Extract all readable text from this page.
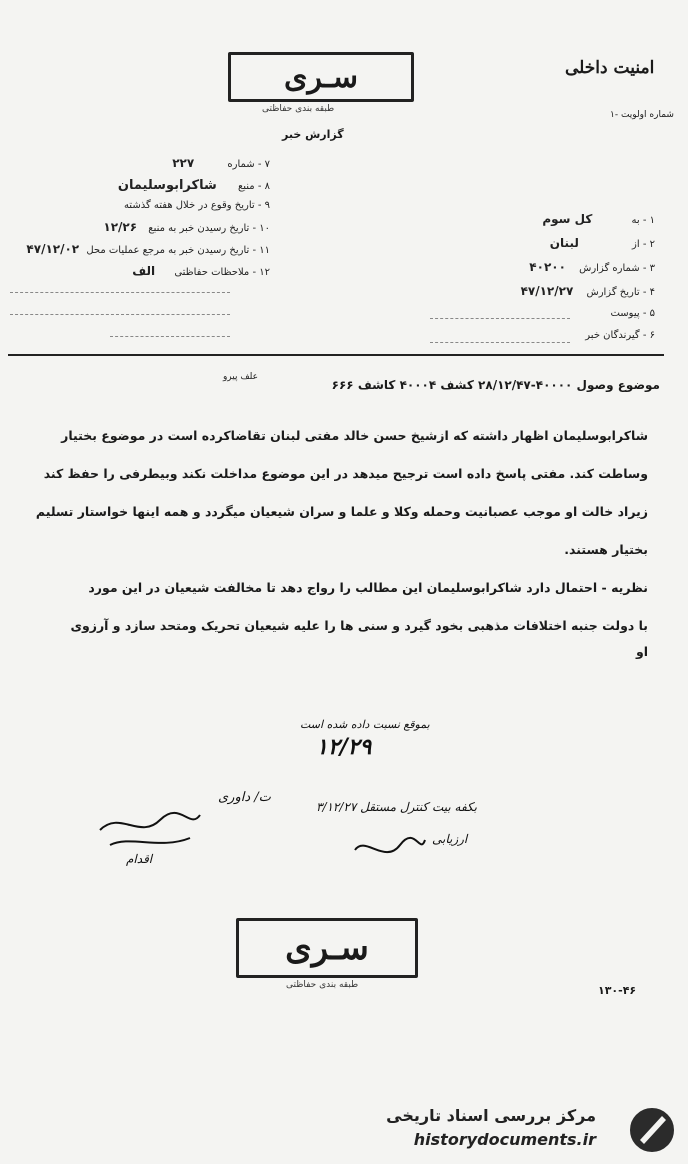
سـری
طبقه بندی حفاظتی
گزارش خبر
امنیت داخلی
۱- شماره اولویت
۱ - به کل سوم
۲ - از لبنان
۳ - شماره گزارش ۴۰۲۰۰
۴ - تاریخ گزارش ۴۷/۱۲/۲۷
۵ - پیوست
۶ - گیرندگان خبر
۷ - شماره ۲۲۷
۸ - منبع شاکرابوسلیمان
۹ - تاریخ وقوع در خلال هفته گذشته
۱۰ - تاریخ رسیدن خبر به منبع ۱۲/۲۶
۱۱ - تاریخ رسیدن خبر به مرجع عملیات محل ۴۷/۱۲/۰۲
۱۲ - ملاحظات حفاظتی الف
موضوع وصول ۴۰۰۰۰-۲۸/۱۲/۴۷ کشف ۴۰۰۰۴ کاشف ۶۶۶
علف پیرو
شاکرابوسلیمان اظهار داشته که ازشیخ حسن خالد مفتی لبنان تقاضاکرده است در موضوع بختیار
وساطت کند. مفتی پاسخ داده است ترجیح میدهد در این موضوع مداخلت نکند وبیطرفی را حفظ کند
زیراد خالت او موجب عصبانیت وحمله وکلا و علما و سران شیعیان میگردد و همه اینها خواستار تسلیم
بختیار هستند.
نظریه - احتمال دارد شاکرابوسلیمان این مطالب را رواج دهد تا مخالفت شیعیان در این مورد
با دولت جنبه اختلافات مذهبی بخود گیرد و سنی ها را علیه شیعیان تحریک ومتحد سازد و آرزوی
او
بموقع نسبت داده شده است
۱۲/۲۹
بکفه بیت کنترل مستقل ۳/۱۲/۲۷
ارزیابی
اقدام
ت/ داوری
سـری
طبقه بندی حفاظتی	۱۳۰-۴۶
مرکز بررسی اسناد تاریخی
historydocuments.ir
